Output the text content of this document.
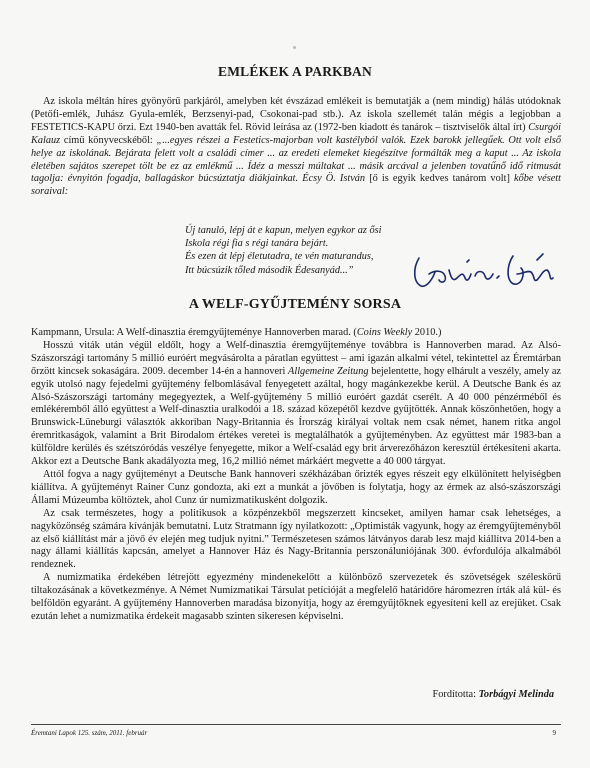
EMLÉKEK A PARKBAN

Az iskola méltán híres gyönyörű parkjáról, amelyben két évszázad emlékeit is bemutatják a (nem mindig) hálás utódoknak (Petőfi-emlék, Juhász Gyula-emlék, Berzsenyi-pad, Csokonai-pad stb.). Az iskola szellemét talán mégis a legjobban a FESTETICS-KAPU őrzi. Ezt 1940-ben avatták fel. Rövid leírása az (1972-ben kiadott és tanárok – tisztviselők által írt) Csurgói Kalauz című könyvecskéből: „...egyes részei a Festetics-majorban volt kastélyból valók. Ezek barokk jellegűek. Ott volt első helye az iskolának. Bejárata felett volt a családi címer ... az eredeti elemeket kiegészítve formálták meg a kaput ... Az iskola életében sajátos szerepet tölt be ez az emlékmű ... Ídéz a messzi múltakat ... másik arcával a jelenben tovatűnő idő ritmusát tagolja: évnyitón fogadja, ballagáskor búcsúztatja diákjainkat. Écsy Ö. István [ő is egyik kedves tanárom volt] kőbe vésett soraival:

Új tanuló, lépj át e kapun, melyen egykor az ősi
Iskola régi fia s régi tanára bejárt.
És ezen át lépj életutadra, te vén maturandus,
Itt búcsúzik tőled második Édesanyád...”
A WELF-GYŰJTEMÉNY SORSA

Kampmann, Ursula: A Welf-dinasztia éremgyűjteménye Hannoverben marad. (Coins Weekly 2010.)

Hosszú viták után végül eldőlt, hogy a Welf-dinasztia éremgyűjteménye továbbra is Hannoverben marad. Az Alsó-Szászországi tartomány 5 millió euróért megvásárolta a páratlan együttest – ami igazán alkalmi vétel, tekintettel az Éremtárban őrzött kincsek sokaságára. 2009. december 14-én a hannoveri Allgemeine Zeitung bejelentette, hogy elhárult a veszély, amely az egyik utolsó nagy fejedelmi gyűjtemény felbomlásával fenyegetett azáltal, hogy magánkezekbe kerül. A Deutsche Bank és az Alsó-Szászországi tartomány megegyeztek, a Welf-gyűjtemény 5 millió euróért gazdát cserélt. A 40 000 pénzérméből és emlékéremből álló együttest a Welf-dinasztia uralkodói a 18. század közepétől kezdve gyűjtötték. Annak köszönhetően, hogy a Brunswick-Lüneburgi választók akkoriban Nagy-Britannia és Írország királyai voltak nem csak német, hanem ritka angol éremritkaságok, valamint a Brit Birodalom értékes veretei is megtalálhatók a gyűjteményben. Az együttest már 1983-ban a külföldre kerülés és szétszóródás veszélye fenyegette, mikor a Welf-család egy brit árverezőházon keresztül értékesíteni akarta. Akkor ezt a Deutsche Bank akadályozta meg, 16,2 millió német márkáért megvette a 40 000 tárgyat.

Attól fogva a nagy gyűjteményt a Deutsche Bank hannoveri székházában őrizték egyes részeit egy elkülönített helyiségben kiállítva. A gyűjteményt Rainer Cunz gondozta, aki ezt a munkát a jövőben is folytatja, hogy az érmek az alsó-szászországi Állami Múzeumba költöztek, ahol Cunz úr numizmatikusként dolgozik.

Az csak természetes, hogy a politikusok a közpénzekből megszerzett kincseket, amilyen hamar csak lehetséges, a nagyközönség számára kívánják bemutatni. Lutz Stratmann így nyilatkozott: „Optimisták vagyunk, hogy az éremgyűjteményből az első kiállítást már a jövő év elején meg tudjuk nyitni.” Természetesen számos látványos darab lesz majd kiállítva 2014-ben a nagy állami kiállítás kapcsán, amelyet a Hannover Ház és Nagy-Britannia perszonáluniójának 300. évfordulója alkalmából rendeznek.

A numizmatika érdekében létrejött egyezmény mindenekelőtt a különböző szervezetek és szövetségek széleskörű tiltakozásának a következménye. A Német Numizmatikai Társulat petícióját a megfelelő határidőre háromezren írták alá kül- és belföldön egyaránt. A gyűjtemény Hannoverben maradása bizonyítja, hogy az éremgyűjtőknek egyesíteni kell az erejüket. Csak ezután lehet a numizmatika érdekeit magasabb szinten sikeresen képviselni.

Fordította: Torbágyi Melinda
Éremtani Lapok 125. szám, 2011. február	9
